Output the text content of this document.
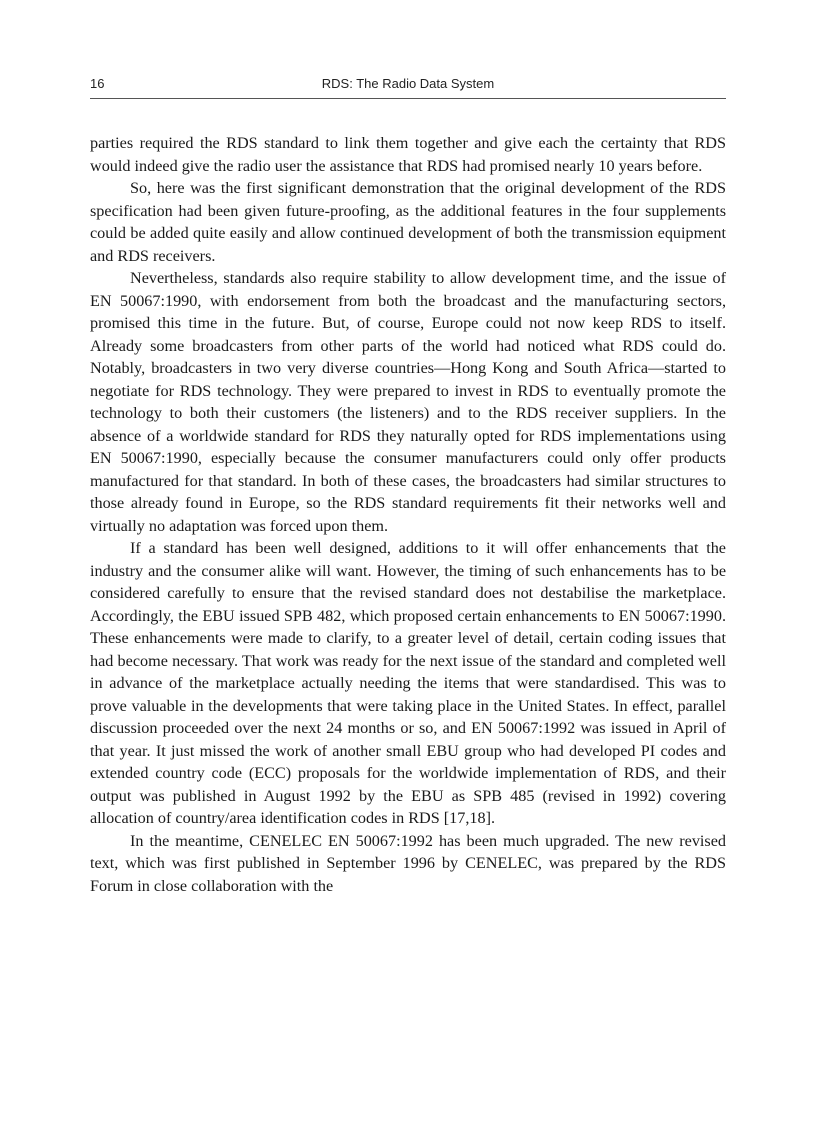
16	RDS: The Radio Data System

parties required the RDS standard to link them together and give each the certainty that RDS would indeed give the radio user the assistance that RDS had promised nearly 10 years before.

So, here was the first significant demonstration that the original development of the RDS specification had been given future-proofing, as the additional features in the four supplements could be added quite easily and allow continued development of both the transmission equipment and RDS receivers.

Nevertheless, standards also require stability to allow development time, and the issue of EN 50067:1990, with endorsement from both the broadcast and the manufacturing sectors, promised this time in the future. But, of course, Europe could not now keep RDS to itself. Already some broadcasters from other parts of the world had noticed what RDS could do. Notably, broadcasters in two very diverse countries—Hong Kong and South Africa—started to negotiate for RDS technology. They were prepared to invest in RDS to eventually promote the technology to both their customers (the listeners) and to the RDS receiver suppliers. In the absence of a worldwide standard for RDS they naturally opted for RDS implementations using EN 50067:1990, especially because the consumer manufacturers could only offer products manufactured for that standard. In both of these cases, the broadcasters had similar structures to those already found in Europe, so the RDS standard requirements fit their networks well and virtually no adaptation was forced upon them.

If a standard has been well designed, additions to it will offer enhancements that the industry and the consumer alike will want. However, the timing of such enhancements has to be considered carefully to ensure that the revised standard does not destabilise the marketplace. Accordingly, the EBU issued SPB 482, which proposed certain enhancements to EN 50067:1990. These enhancements were made to clarify, to a greater level of detail, certain coding issues that had become necessary. That work was ready for the next issue of the standard and completed well in advance of the marketplace actually needing the items that were standardised. This was to prove valuable in the developments that were taking place in the United States. In effect, parallel discussion proceeded over the next 24 months or so, and EN 50067:1992 was issued in April of that year. It just missed the work of another small EBU group who had developed PI codes and extended country code (ECC) proposals for the worldwide implementation of RDS, and their output was published in August 1992 by the EBU as SPB 485 (revised in 1992) covering allocation of country/area identification codes in RDS [17,18].

In the meantime, CENELEC EN 50067:1992 has been much upgraded. The new revised text, which was first published in September 1996 by CENELEC, was prepared by the RDS Forum in close collaboration with the
